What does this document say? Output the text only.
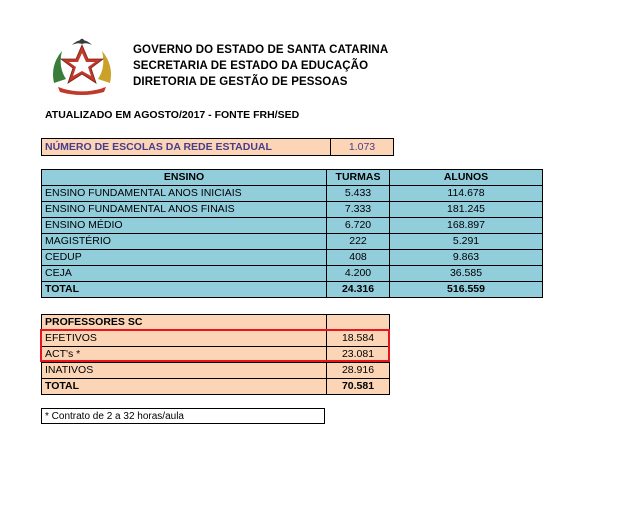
GOVERNO DO ESTADO DE SANTA CATARINA
SECRETARIA DE ESTADO DA EDUCAÇÃO
DIRETORIA DE GESTÃO DE PESSOAS
ATUALIZADO EM AGOSTO/2017 - FONTE FRH/SED
NÚMERO DE ESCOLAS DA REDE ESTADUAL	1.073
ENSINO	TURMAS	ALUNOS
ENSINO FUNDAMENTAL ANOS INICIAIS	5.433	114.678
ENSINO FUNDAMENTAL ANOS FINAIS	7.333	181.245
ENSINO MÉDIO	6.720	168.897
MAGISTÉRIO	222	5.291
CEDUP	408	9.863
CEJA	4.200	36.585
TOTAL	24.316	516.559
PROFESSORES SC	
EFETIVOS	18.584
ACT's *	23.081
INATIVOS	28.916
TOTAL	70.581
* Contrato de 2 a 32 horas/aula
